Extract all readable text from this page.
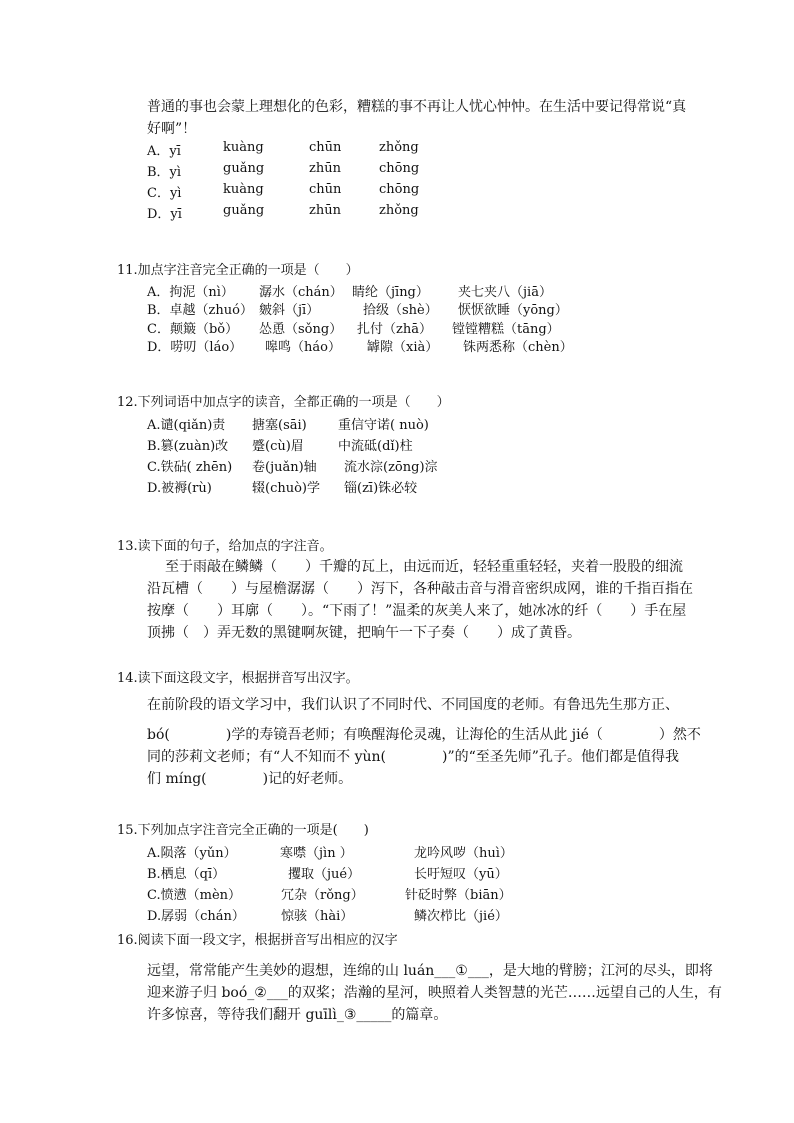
普通的事也会蒙上理想化的色彩，糟糕的事不再让人忧心忡忡。在生活中要记得常说“真
好啊”！
A．yī	kuàng	chūn	zhǒng
B．yì	guǎng	zhūn	chōng
C．yì	kuàng	chūn	chōng
D．yī	guǎng	zhūn	zhǒng
11.加点字注音完全正确的一项是（　　）
A．拘泥（nì） 潺水（chán） 睛纶（jīng） 夹七夹八（jiā）
B．卓越（zhuó） 皴斜（jī）	拾级（shè） 恹恹欲睡（yōng）
C．颠簸（bǒ） 怂恿（sǒng） 扎付（zhā） 镗镗糟糕（tāng）
D．唠叨（láo） 嗥鸣（háo） 罅隙（xià） 铢两悉称（chèn）
12.下列词语中加点字的读音，全都正确的一项是（　　）
A.谴(qiǎn)责 搪塞(sāi) 重信守诺( nuò)
B.篡(zuàn)改 蹙(cù)眉	中流砥(dǐ)柱
C.铁砧( zhēn) 卷(juǎn)轴 流水淙(zōng)淙
D.被褥(rù)	辍(chuò)学 锱(zī)铢必较
13.读下面的句子，给加点的字注音。
至于雨敲在鳞鳞（　　）千瓣的瓦上，由远而近，轻轻重重轻轻，夹着一股股的细流
沿瓦槽（　　）与屋檐潺潺（　　）泻下，各种敲击音与滑音密织成网，谁的千指百指在
按摩（　　）耳廓（　　）。“下雨了！”温柔的灰美人来了，她冰冰的纤（　　）手在屋
顶拂（　）弄无数的黑键啊灰键，把晌午一下子奏（　　）成了黄昏。
14.读下面这段文字，根据拼音写出汉字。
在前阶段的语文学习中，我们认识了不同时代、不同国度的老师。有鲁迅先生那方正、
bó(　　　　)学的寿镜吾老师；有唤醒海伦灵魂，让海伦的生活从此 jié（　　　　）然不
同的莎莉文老师；有“人不知而不 yùn(　　　　)”的“至圣先师”孔子。他们都是值得我
们 míng(　　　　)记的好老师。
15.下列加点字注音完全正确的一项是(　　)
A.陨落（yǔn）	寒噤（jìn ）	龙吟风哕（huì）
B.栖息（qī）	攫取（jué）	长吁短叹（yū）
C.愤懑（mèn）	冗杂（rǒng）	针砭时弊（biān）
D.孱弱（chán）	惊骇（hài）	鳞次栉比（jié）
16.阅读下面一段文字，根据拼音写出相应的汉字
远望，常常能产生美妙的遐想，连绵的山 luán___①___，是大地的臂膀；江河的尽头，即将
迎来游子归 boó_②___的双桨；浩瀚的星河，映照着人类智慧的光芒……远望自己的人生，有
许多惊喜，等待我们翻开 guīlì_③_____的篇章。
